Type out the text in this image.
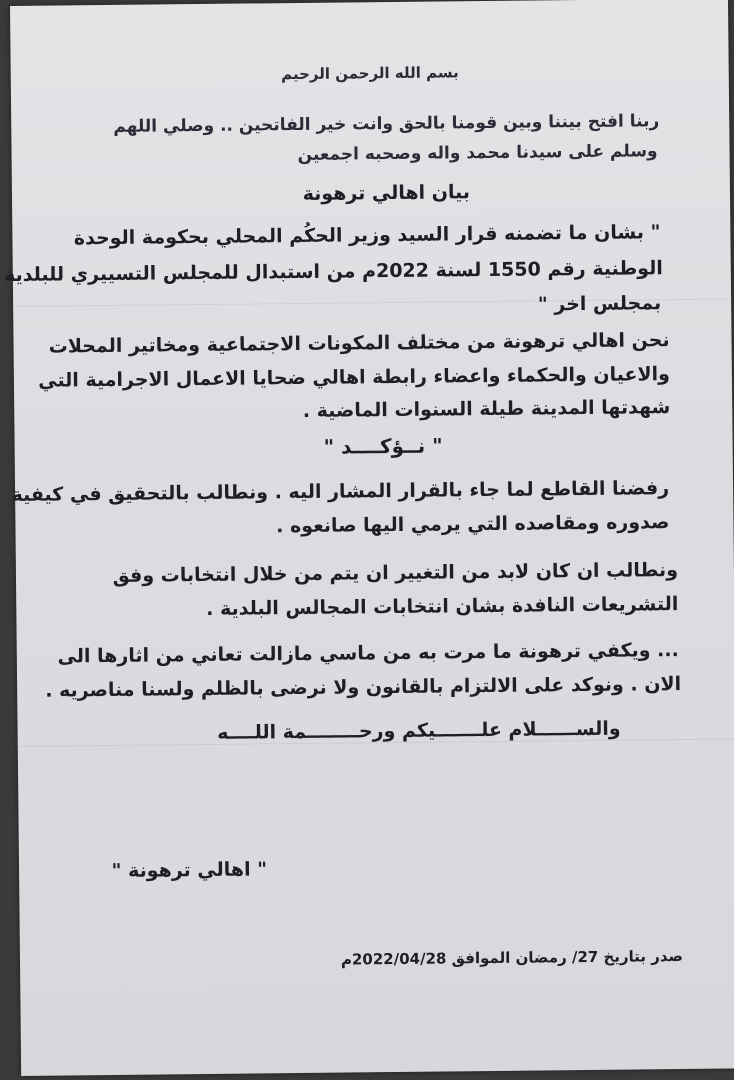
بسم الله الرحمن الرحيم
ربنا افتح بيننا وبين قومنا بالحق وانت خير الفاتحين .. وصلي اللهم
وسلم على سيدنا محمد واله وصحبه اجمعين
بيان اهالي ترهونة
" بشان ما تضمنه قرار السيد وزير الحكُم المحلي بحكومة الوحدة
الوطنية رقم 1550 لسنة 2022م من استبدال للمجلس التسييري للبلدية
بمجلس اخر "
نحن اهالي ترهونة من مختلف المكونات الاجتماعية ومخاتير المحلات
والاعيان والحكماء واعضاء رابطة اهالي ضحايا الاعمال الاجرامية التي
شهدتها المدينة طيلة السنوات الماضية .
" نــؤكــــد "
رفضنا القاطع لما جاء بالقرار المشار اليه . ونطالب بالتحقيق في كيفية
صدوره ومقاصده التي يرمي اليها صانعوه .
ونطالب ان كان لابد من التغيير ان يتم من خلال انتخابات وفق
التشريعات النافدة بشان انتخابات المجالس البلدية .
... ويكفي ترهونة ما مرت به من ماسي مازالت تعاني من اثارها الى
الان . ونوكد على الالتزام بالقانون ولا نرضى بالظلم ولسنا مناصريه .
والســــــلام علـــــــيكم ورحــــــــمة اللــــه
" اهالي ترهونة "
صدر بتاريخ 27/ رمضان الموافق 2022/04/28م
